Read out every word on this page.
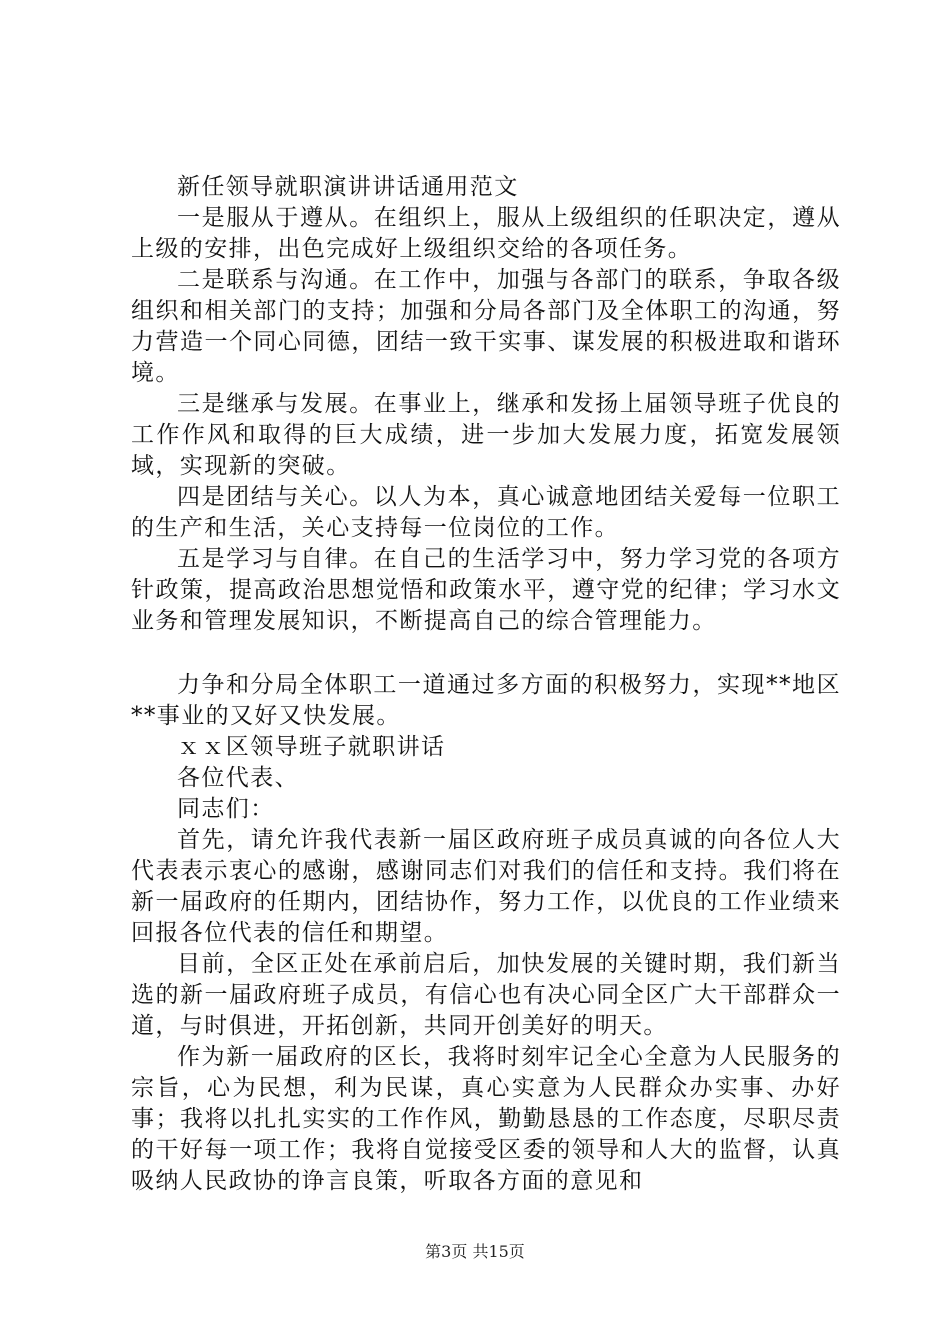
新任领导就职演讲讲话通用范文

一是服从于遵从。在组织上，服从上级组织的任职决定，遵从上级的安排，出色完成好上级组织交给的各项任务。

二是联系与沟通。在工作中，加强与各部门的联系，争取各级组织和相关部门的支持；加强和分局各部门及全体职工的沟通，努力营造一个同心同德，团结一致干实事、谋发展的积极进取和谐环境。

三是继承与发展。在事业上，继承和发扬上届领导班子优良的工作作风和取得的巨大成绩，进一步加大发展力度，拓宽发展领域，实现新的突破。

四是团结与关心。以人为本，真心诚意地团结关爱每一位职工的生产和生活，关心支持每一位岗位的工作。

五是学习与自律。在自己的生活学习中，努力学习党的各项方针政策，提高政治思想觉悟和政策水平，遵守党的纪律；学习水文业务和管理发展知识，不断提高自己的综合管理能力。

力争和分局全体职工一道通过多方面的积极努力，实现**地区**事业的又好又快发展。

ｘｘ区领导班子就职讲话

各位代表、

同志们：

首先，请允许我代表新一届区政府班子成员真诚的向各位人大代表表示衷心的感谢，感谢同志们对我们的信任和支持。我们将在新一届政府的任期内，团结协作，努力工作，以优良的工作业绩来回报各位代表的信任和期望。

目前，全区正处在承前启后，加快发展的关键时期，我们新当选的新一届政府班子成员，有信心也有决心同全区广大干部群众一道，与时俱进，开拓创新，共同开创美好的明天。

作为新一届政府的区长，我将时刻牢记全心全意为人民服务的宗旨，心为民想，利为民谋，真心实意为人民群众办实事、办好事；我将以扎扎实实的工作作风，勤勤恳恳的工作态度，尽职尽责的干好每一项工作；我将自觉接受区委的领导和人大的监督，认真吸纳人民政协的诤言良策，听取各方面的意见和

第3页 共15页
